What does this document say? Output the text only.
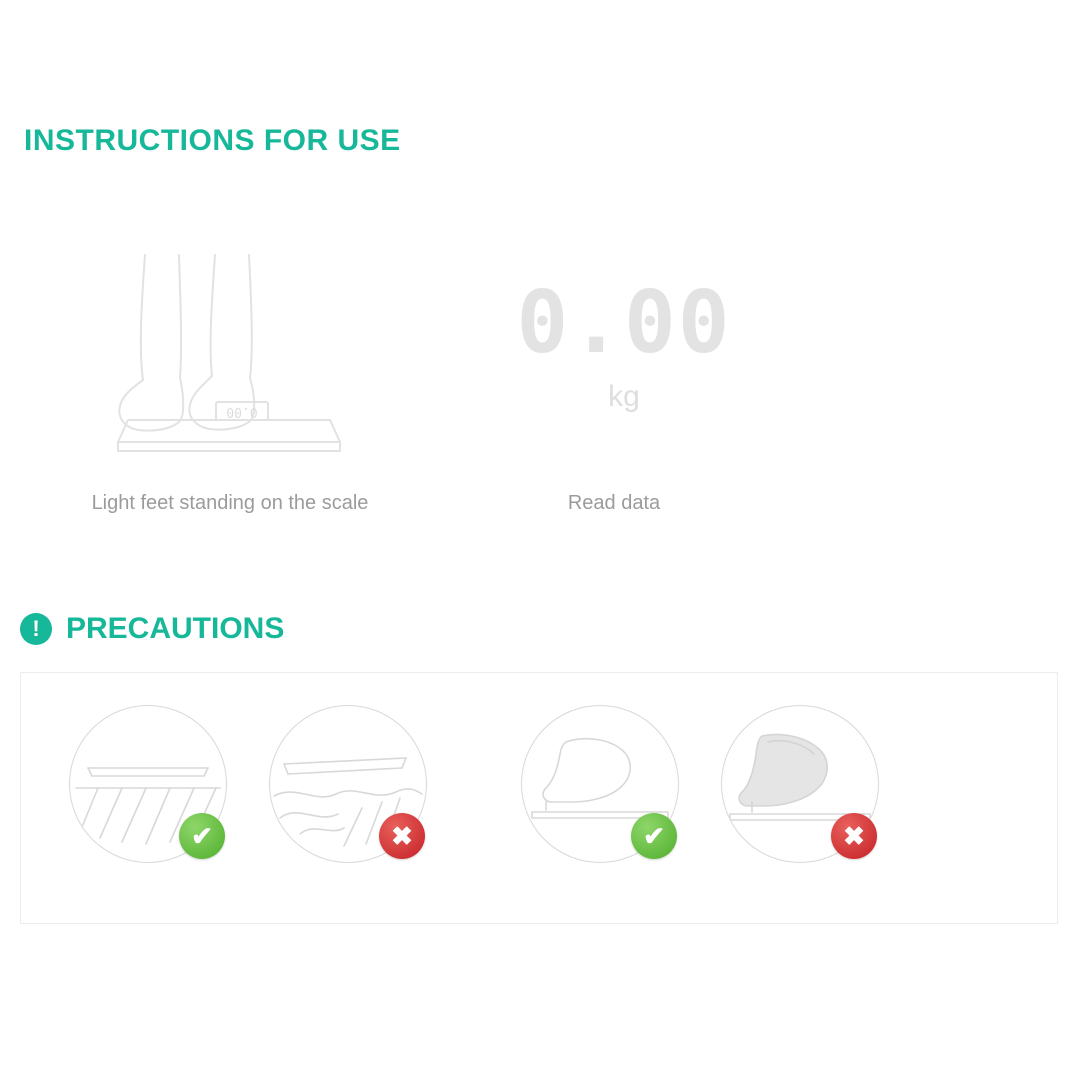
INSTRUCTIONS FOR USE
0.00
Light feet standing on the scale
0.00
kg
Read data
! PRECAUTIONS
✔	✖	✔	✖
